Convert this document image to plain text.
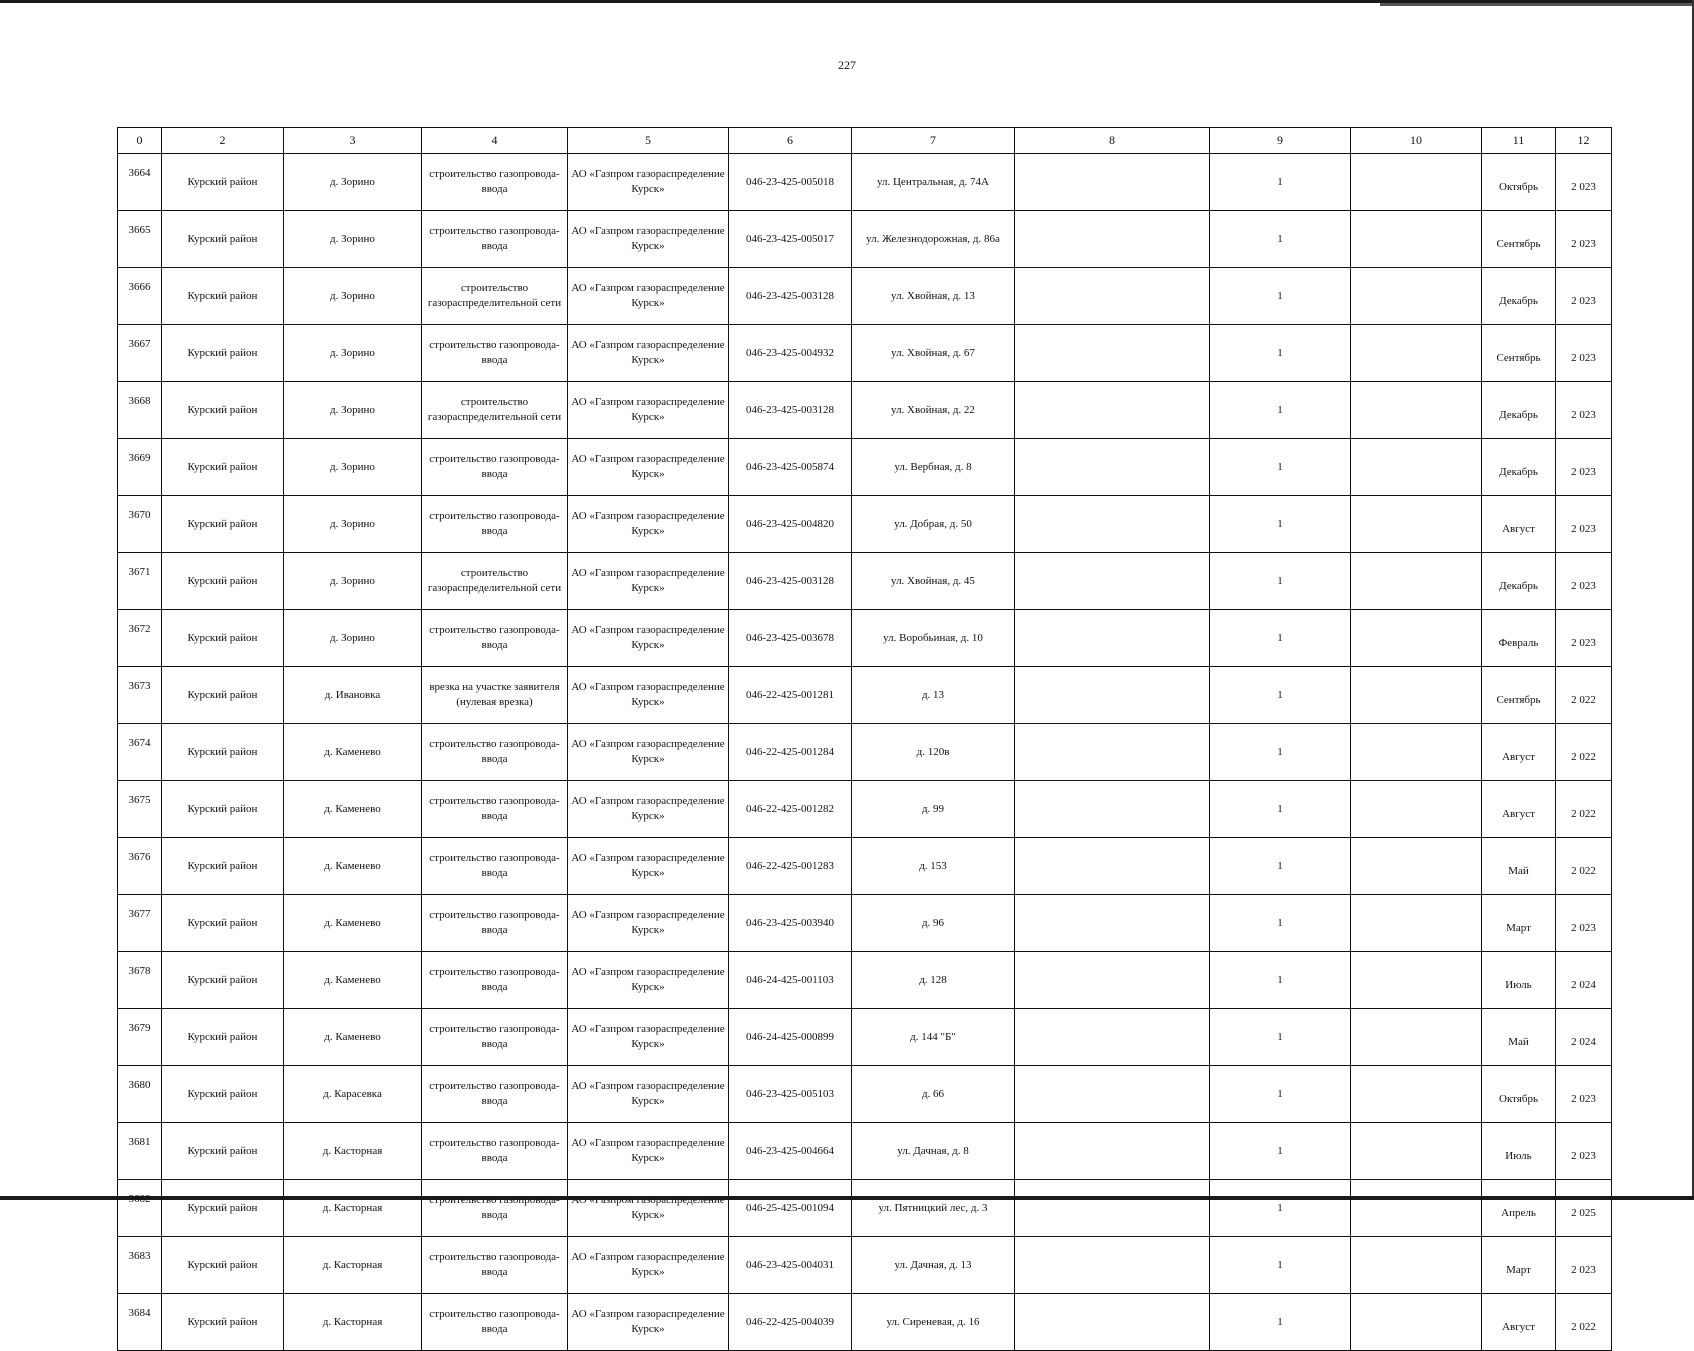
227
0	2	3	4	5	6	7	8	9	10	11	12
3664	Курский район	д. Зорино	строительство газопровода-ввода	АО «Газпром газораспределение Курск»	046-23-425-005018	ул. Центральная, д. 74А		1		Октябрь	2 023
3665	Курский район	д. Зорино	строительство газопровода-ввода	АО «Газпром газораспределение Курск»	046-23-425-005017	ул. Железнодорожная, д. 86а		1		Сентябрь	2 023
3666	Курский район	д. Зорино	строительство газораспределительной сети	АО «Газпром газораспределение Курск»	046-23-425-003128	ул. Хвойная, д. 13		1		Декабрь	2 023
3667	Курский район	д. Зорино	строительство газопровода-ввода	АО «Газпром газораспределение Курск»	046-23-425-004932	ул. Хвойная, д. 67		1		Сентябрь	2 023
3668	Курский район	д. Зорино	строительство газораспределительной сети	АО «Газпром газораспределение Курск»	046-23-425-003128	ул. Хвойная, д. 22		1		Декабрь	2 023
3669	Курский район	д. Зорино	строительство газопровода-ввода	АО «Газпром газораспределение Курск»	046-23-425-005874	ул. Вербная, д. 8		1		Декабрь	2 023
3670	Курский район	д. Зорино	строительство газопровода-ввода	АО «Газпром газораспределение Курск»	046-23-425-004820	ул. Добрая, д. 50		1		Август	2 023
3671	Курский район	д. Зорино	строительство газораспределительной сети	АО «Газпром газораспределение Курск»	046-23-425-003128	ул. Хвойная, д. 45		1		Декабрь	2 023
3672	Курский район	д. Зорино	строительство газопровода-ввода	АО «Газпром газораспределение Курск»	046-23-425-003678	ул. Воробьиная, д. 10		1		Февраль	2 023
3673	Курский район	д. Ивановка	врезка на участке заявителя (нулевая врезка)	АО «Газпром газораспределение Курск»	046-22-425-001281	д. 13		1		Сентябрь	2 022
3674	Курский район	д. Каменево	строительство газопровода-ввода	АО «Газпром газораспределение Курск»	046-22-425-001284	д. 120в		1		Август	2 022
3675	Курский район	д. Каменево	строительство газопровода-ввода	АО «Газпром газораспределение Курск»	046-22-425-001282	д. 99		1		Август	2 022
3676	Курский район	д. Каменево	строительство газопровода-ввода	АО «Газпром газораспределение Курск»	046-22-425-001283	д. 153		1		Май	2 022
3677	Курский район	д. Каменево	строительство газопровода-ввода	АО «Газпром газораспределение Курск»	046-23-425-003940	д. 96		1		Март	2 023
3678	Курский район	д. Каменево	строительство газопровода-ввода	АО «Газпром газораспределение Курск»	046-24-425-001103	д. 128		1		Июль	2 024
3679	Курский район	д. Каменево	строительство газопровода-ввода	АО «Газпром газораспределение Курск»	046-24-425-000899	д. 144 "Б"		1		Май	2 024
3680	Курский район	д. Карасевка	строительство газопровода-ввода	АО «Газпром газораспределение Курск»	046-23-425-005103	д. 66		1		Октябрь	2 023
3681	Курский район	д. Касторная	строительство газопровода-ввода	АО «Газпром газораспределение Курск»	046-23-425-004664	ул. Дачная, д. 8		1		Июль	2 023
3682	Курский район	д. Касторная	строительство газопровода-ввода	АО «Газпром газораспределение Курск»	046-25-425-001094	ул. Пятницкий лес, д. 3		1		Апрель	2 025
3683	Курский район	д. Касторная	строительство газопровода-ввода	АО «Газпром газораспределение Курск»	046-23-425-004031	ул. Дачная, д. 13		1		Март	2 023
3684	Курский район	д. Касторная	строительство газопровода-ввода	АО «Газпром газораспределение Курск»	046-22-425-004039	ул. Сиреневая, д. 16		1		Август	2 022
